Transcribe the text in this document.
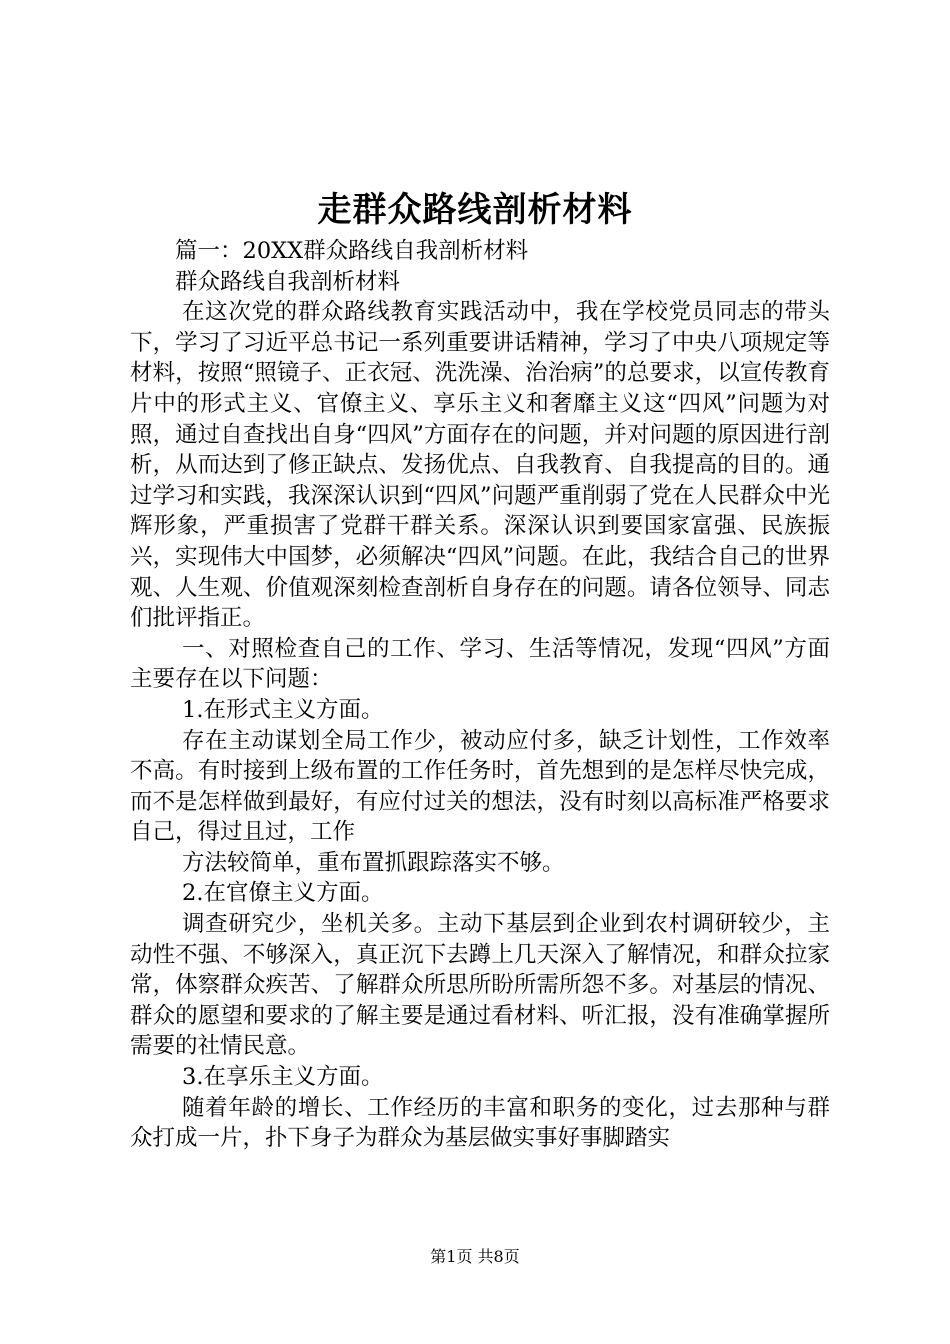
走群众路线剖析材料

篇一：20XX群众路线自我剖析材料

群众路线自我剖析材料

在这次党的群众路线教育实践活动中，我在学校党员同志的带头下，学习了习近平总书记一系列重要讲话精神，学习了中央八项规定等材料，按照“照镜子、正衣冠、洗洗澡、治治病”的总要求，以宣传教育片中的形式主义、官僚主义、享乐主义和奢靡主义这“四风”问题为对照，通过自查找出自身“四风”方面存在的问题，并对问题的原因进行剖析，从而达到了修正缺点、发扬优点、自我教育、自我提高的目的。通过学习和实践，我深深认识到“四风”问题严重削弱了党在人民群众中光辉形象，严重损害了党群干群关系。深深认识到要国家富强、民族振兴，实现伟大中国梦，必须解决“四风”问题。在此，我结合自己的世界观、人生观、价值观深刻检查剖析自身存在的问题。请各位领导、同志们批评指正。

一、对照检查自己的工作、学习、生活等情况，发现“四风”方面主要存在以下问题：

1.在形式主义方面。

存在主动谋划全局工作少，被动应付多，缺乏计划性，工作效率不高。有时接到上级布置的工作任务时，首先想到的是怎样尽快完成，而不是怎样做到最好，有应付过关的想法，没有时刻以高标准严格要求自己，得过且过，工作

方法较简单，重布置抓跟踪落实不够。

2.在官僚主义方面。

调查研究少，坐机关多。主动下基层到企业到农村调研较少，主动性不强、不够深入，真正沉下去蹲上几天深入了解情况，和群众拉家常，体察群众疾苦、了解群众所思所盼所需所怨不多。对基层的情况、群众的愿望和要求的了解主要是通过看材料、听汇报，没有准确掌握所需要的社情民意。

3.在享乐主义方面。

随着年龄的增长、工作经历的丰富和职务的变化，过去那种与群众打成一片，扑下身子为群众为基层做实事好事脚踏实

第1页 共8页
